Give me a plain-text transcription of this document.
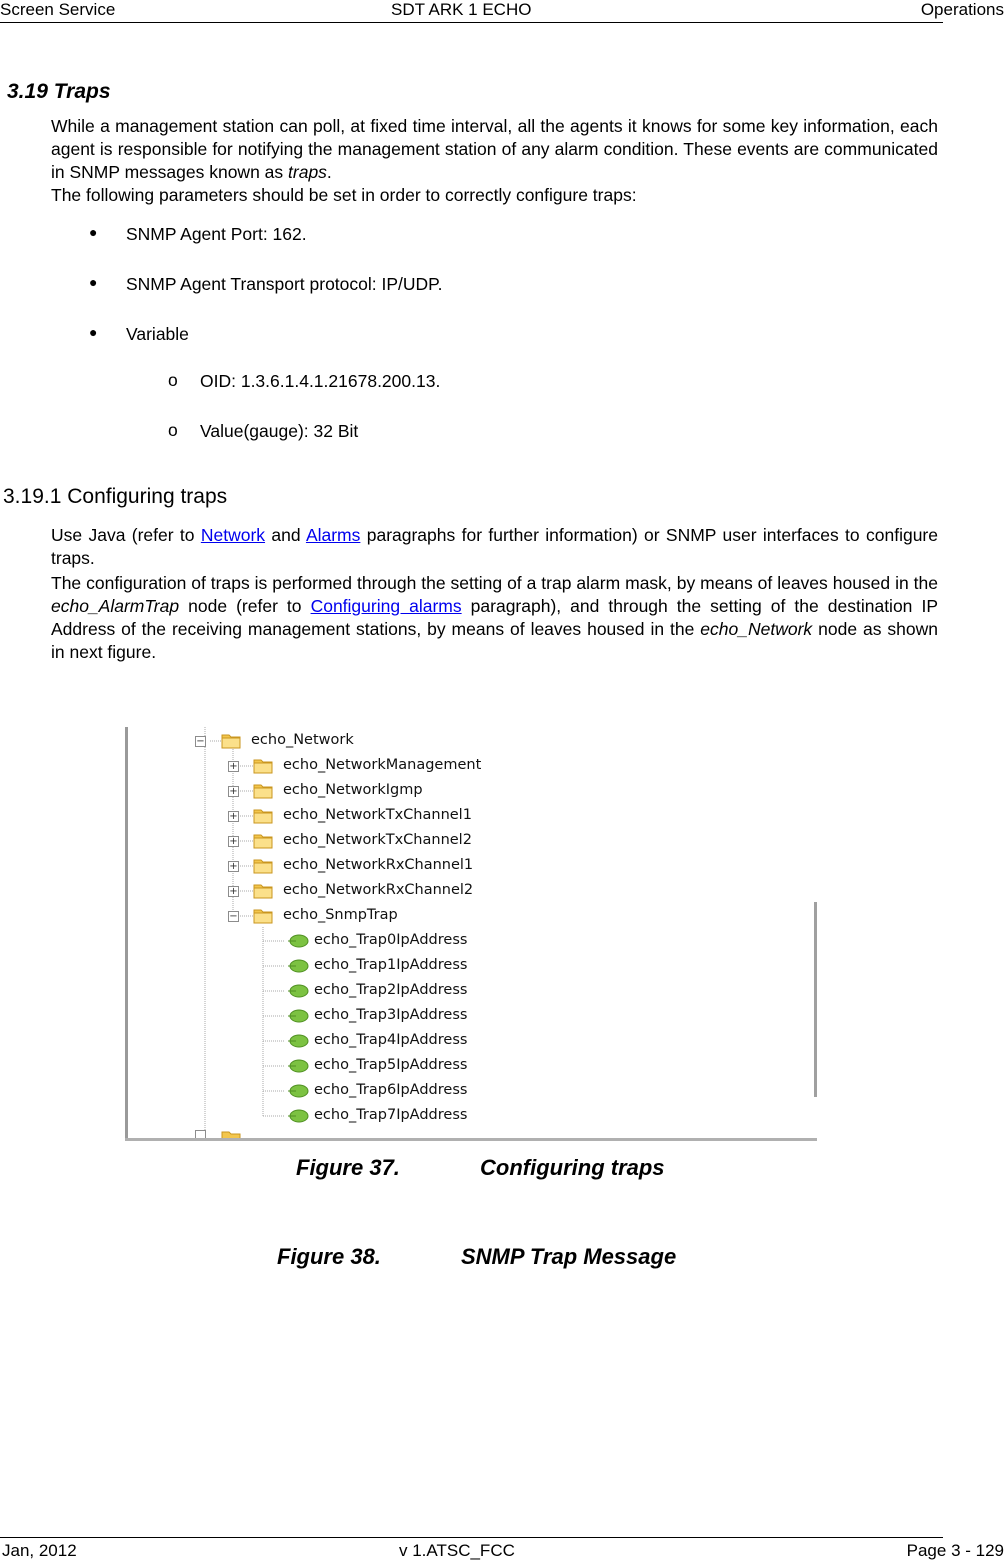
Screen Service	SDT ARK 1 ECHO	Operations
3.19 Traps

While a management station can poll, at fixed time interval, all the agents it knows for some key information, each agent is responsible for notifying the management station of any alarm condition. These events are communicated in SNMP messages known as traps.

The following parameters should be set in order to correctly configure traps:

● SNMP Agent Port: 162.
● SNMP Agent Transport protocol: IP/UDP.
● Variable
o OID: 1.3.6.1.4.1.21678.200.13.
o Value(gauge): 32 Bit
3.19.1 Configuring traps

Use Java (refer to Network and Alarms paragraphs for further information) or SNMP user interfaces to configure traps.

The configuration of traps is performed through the setting of a trap alarm mask, by means of leaves housed in the echo_AlarmTrap node (refer to Configuring alarms paragraph), and through the setting of the destination IP Address of the receiving management stations, by means of leaves housed in the echo_Network node as shown in next figure.

−	echo_Network
+	echo_NetworkManagement
+	echo_NetworkIgmp
+	echo_NetworkTxChannel1
+	echo_NetworkTxChannel2
+	echo_NetworkRxChannel1
+	echo_NetworkRxChannel2
−	echo_SnmpTrap
echo_Trap0IpAddress
echo_Trap1IpAddress
echo_Trap2IpAddress
echo_Trap3IpAddress
echo_Trap4IpAddress
echo_Trap5IpAddress
echo_Trap6IpAddress
echo_Trap7IpAddress
Figure 37.	Configuring traps
Figure 38.	SNMP Trap Message
Jan, 2012	v 1.ATSC_FCC	Page 3 - 129
